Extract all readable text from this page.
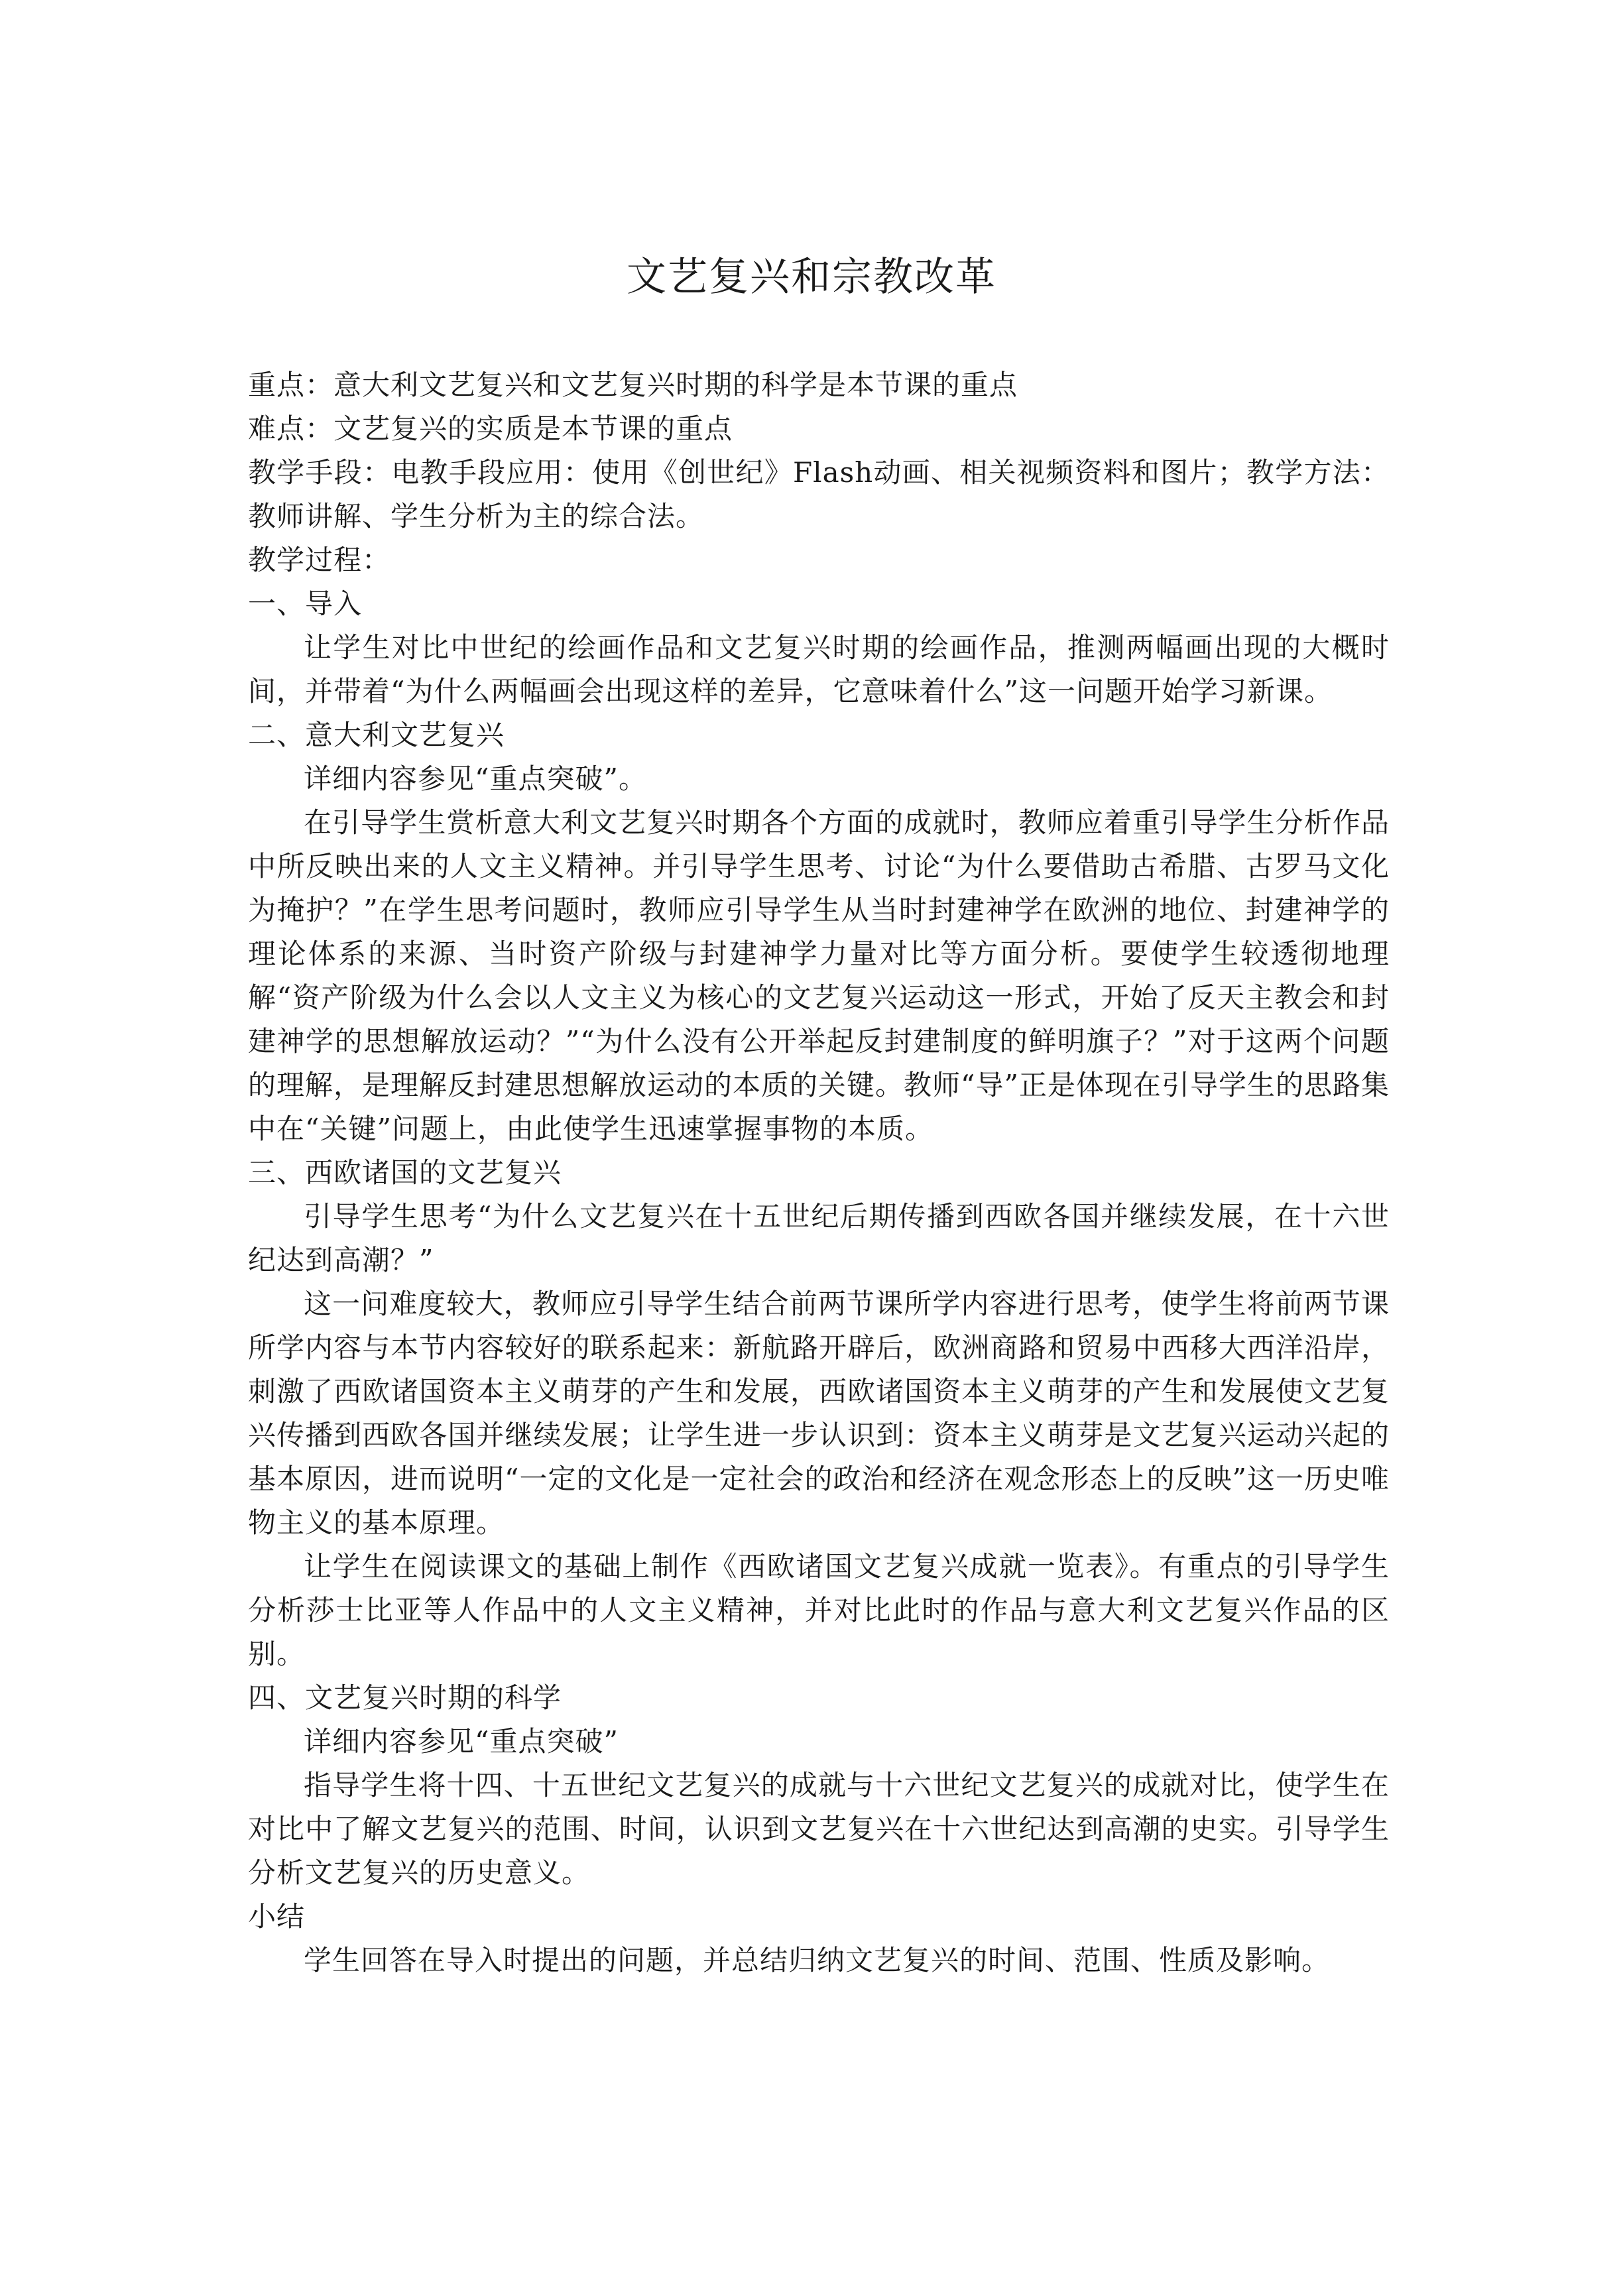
文艺复兴和宗教改革

重点：意大利文艺复兴和文艺复兴时期的科学是本节课的重点

难点：文艺复兴的实质是本节课的重点

教学手段：电教手段应用：使用《创世纪》Flash动画、相关视频资料和图片；教学方法：教师讲解、学生分析为主的综合法。

教学过程：

一、导入

让学生对比中世纪的绘画作品和文艺复兴时期的绘画作品，推测两幅画出现的大概时间，并带着“为什么两幅画会出现这样的差异，它意味着什么”这一问题开始学习新课。

二、意大利文艺复兴

详细内容参见“重点突破”。

在引导学生赏析意大利文艺复兴时期各个方面的成就时，教师应着重引导学生分析作品中所反映出来的人文主义精神。并引导学生思考、讨论“为什么要借助古希腊、古罗马文化为掩护？”在学生思考问题时，教师应引导学生从当时封建神学在欧洲的地位、封建神学的理论体系的来源、当时资产阶级与封建神学力量对比等方面分析。要使学生较透彻地理解“资产阶级为什么会以人文主义为核心的文艺复兴运动这一形式，开始了反天主教会和封建神学的思想解放运动？”“为什么没有公开举起反封建制度的鲜明旗子？”对于这两个问题的理解，是理解反封建思想解放运动的本质的关键。教师“导”正是体现在引导学生的思路集中在“关键”问题上，由此使学生迅速掌握事物的本质。

三、西欧诸国的文艺复兴

引导学生思考“为什么文艺复兴在十五世纪后期传播到西欧各国并继续发展，在十六世纪达到高潮？”

这一问难度较大，教师应引导学生结合前两节课所学内容进行思考，使学生将前两节课所学内容与本节内容较好的联系起来：新航路开辟后，欧洲商路和贸易中西移大西洋沿岸，刺激了西欧诸国资本主义萌芽的产生和发展，西欧诸国资本主义萌芽的产生和发展使文艺复兴传播到西欧各国并继续发展；让学生进一步认识到：资本主义萌芽是文艺复兴运动兴起的基本原因，进而说明“一定的文化是一定社会的政治和经济在观念形态上的反映”这一历史唯物主义的基本原理。

让学生在阅读课文的基础上制作《西欧诸国文艺复兴成就一览表》。有重点的引导学生分析莎士比亚等人作品中的人文主义精神，并对比此时的作品与意大利文艺复兴作品的区别。

四、文艺复兴时期的科学

详细内容参见“重点突破”

指导学生将十四、十五世纪文艺复兴的成就与十六世纪文艺复兴的成就对比，使学生在对比中了解文艺复兴的范围、时间，认识到文艺复兴在十六世纪达到高潮的史实。引导学生分析文艺复兴的历史意义。

小结

学生回答在导入时提出的问题，并总结归纳文艺复兴的时间、范围、性质及影响。
